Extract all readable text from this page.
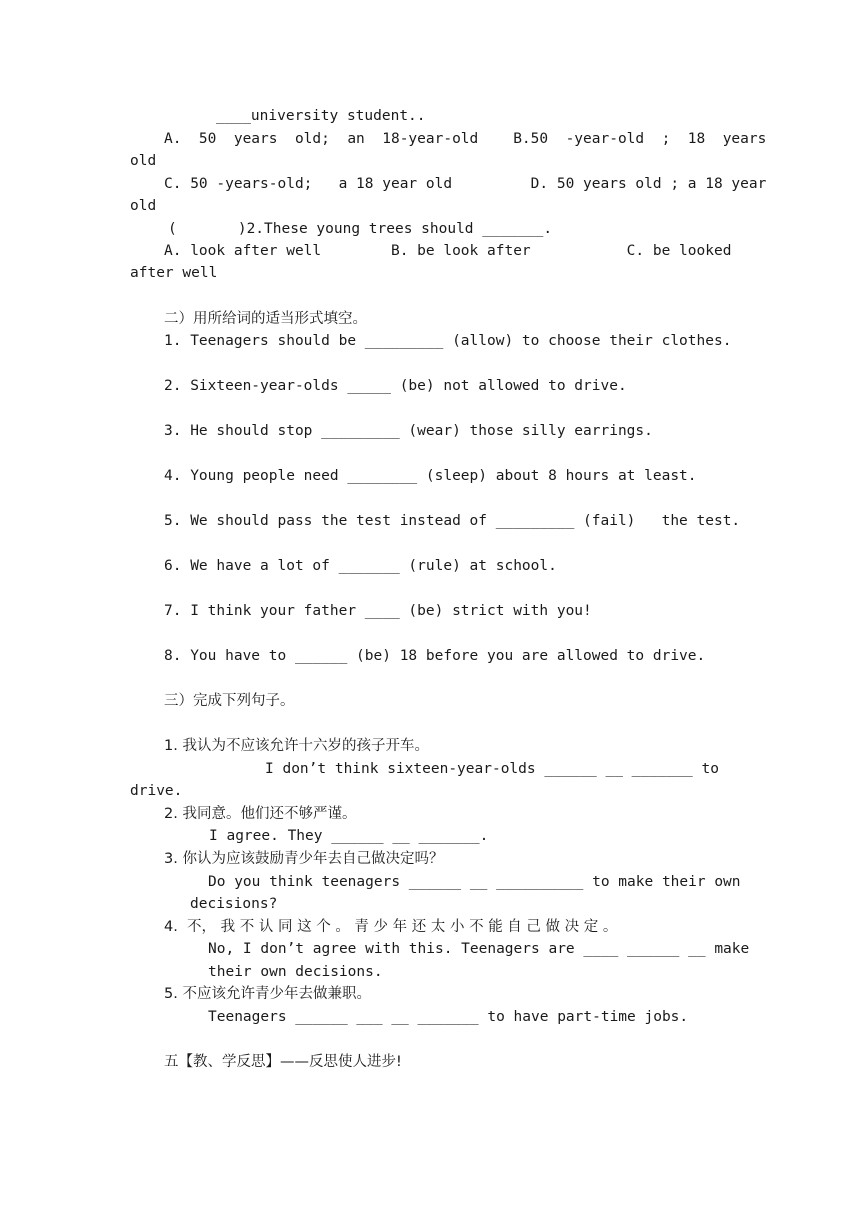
____university student..
A.  50  years  old;  an  18-year-old    B.50  -year-old  ;  18  years
old
C. 50 -years-old;   a 18 year old         D. 50 years old ; a 18 year
old
(       )2.These young trees should _______.
A. look after well        B. be look after           C. be looked
after well
二）用所给词的适当形式填空。
1. Teenagers should be _________ (allow) to choose their clothes.
2. Sixteen-year-olds _____ (be) not allowed to drive.
3. He should stop _________ (wear) those silly earrings.
4. Young people need ________ (sleep) about 8 hours at least.
5. We should pass the test instead of _________ (fail)   the test.
6. We have a lot of _______ (rule) at school.
7. I think your father ____ (be) strict with you!
8. You have to ______ (be) 18 before you are allowed to drive.
三）完成下列句子。
1. 我认为不应该允许十六岁的孩子开车。
I don’t think sixteen-year-olds ______ __ _______ to
drive.
2. 我同意。他们还不够严谨。
I agree. They ______ __ _______.
3. 你认为应该鼓励青少年去自己做决定吗？
Do you think teenagers ______ __ __________ to make their own
decisions?
4.  不， 我 不 认 同 这 个 。 青 少 年 还 太 小 不 能 自 己 做 决 定 。
No, I don’t agree with this. Teenagers are ____ ______ __ make
their own decisions.
5. 不应该允许青少年去做兼职。
Teenagers ______ ___ __ _______ to have part-time jobs.
五【教、学反思】——反思使人进步!
